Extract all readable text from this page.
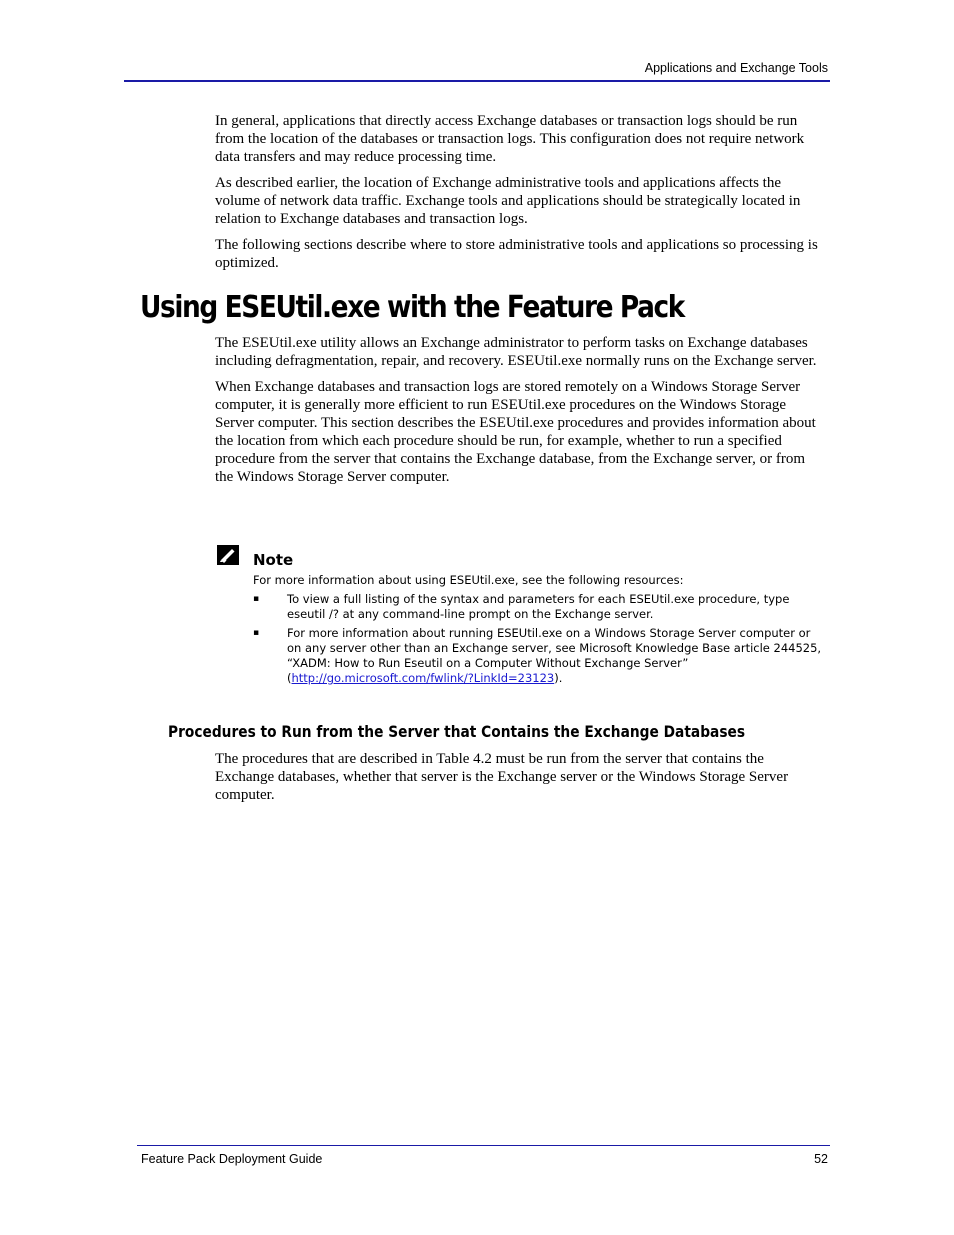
Applications and Exchange Tools

In general, applications that directly access Exchange databases or transaction logs should be run from the location of the databases or transaction logs. This configuration does not require network data transfers and may reduce processing time.

As described earlier, the location of Exchange administrative tools and applications affects the volume of network data traffic. Exchange tools and applications should be strategically located in relation to Exchange databases and transaction logs.

The following sections describe where to store administrative tools and applications so processing is optimized.

Using ESEUtil.exe with the Feature Pack

The ESEUtil.exe utility allows an Exchange administrator to perform tasks on Exchange databases including defragmentation, repair, and recovery. ESEUtil.exe normally runs on the Exchange server.

When Exchange databases and transaction logs are stored remotely on a Windows Storage Server computer, it is generally more efficient to run ESEUtil.exe procedures on the Windows Storage Server computer. This section describes the ESEUtil.exe procedures and provides information about the location from which each procedure should be run, for example, whether to run a specified procedure from the server that contains the Exchange database, from the Exchange server, or from the Windows Storage Server computer.

Note
For more information about using ESEUtil.exe, see the following resources:
▪ To view a full listing of the syntax and parameters for each ESEUtil.exe procedure, type eseutil /? at any command-line prompt on the Exchange server.
▪ For more information about running ESEUtil.exe on a Windows Storage Server computer or on any server other than an Exchange server, see Microsoft Knowledge Base article 244525, “XADM: How to Run Eseutil on a Computer Without Exchange Server” (http://go.microsoft.com/fwlink/?LinkId=23123).
Procedures to Run from the Server that Contains the Exchange Databases

The procedures that are described in Table 4.2 must be run from the server that contains the Exchange databases, whether that server is the Exchange server or the Windows Storage Server computer.

Feature Pack Deployment Guide	52
